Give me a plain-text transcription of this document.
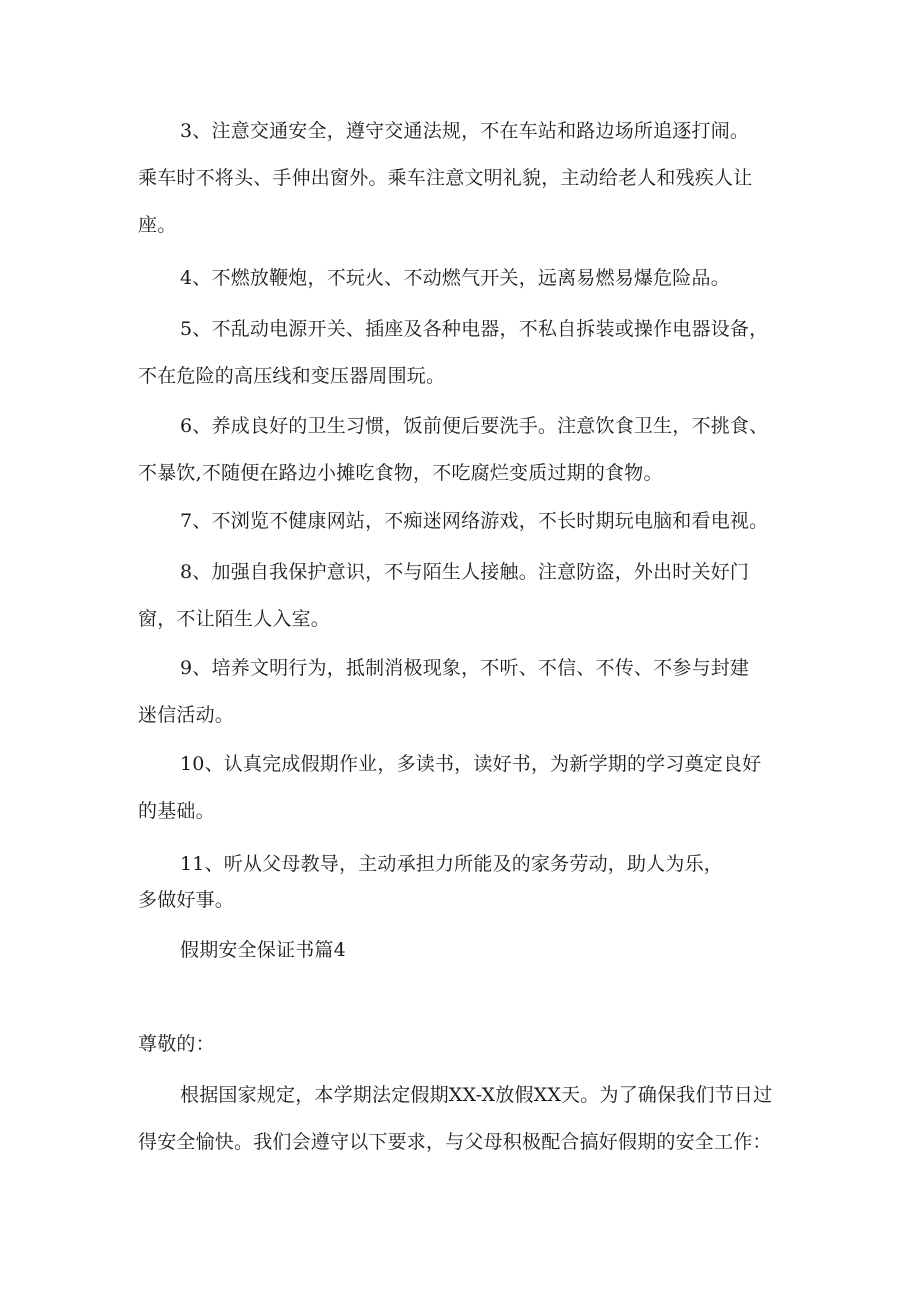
3、注意交通安全，遵守交通法规，不在车站和路边场所追逐打闹。
乘车时不将头、手伸出窗外。乘车注意文明礼貌，主动给老人和残疾人让
座。
4、不燃放鞭炮，不玩火、不动燃气开关，远离易燃易爆危险品。
5、不乱动电源开关、插座及各种电器，不私自拆装或操作电器设备，
不在危险的高压线和变压器周围玩。
6、养成良好的卫生习惯，饭前便后要洗手。注意饮食卫生，不挑食、
不暴饮,不随便在路边小摊吃食物，不吃腐烂变质过期的食物。
7、不浏览不健康网站，不痴迷网络游戏，不长时期玩电脑和看电视。
8、加强自我保护意识，不与陌生人接触。注意防盗，外出时关好门
窗，不让陌生人入室。
9、培养文明行为，抵制消极现象，不听、不信、不传、不参与封建
迷信活动。
10、认真完成假期作业，多读书，读好书，为新学期的学习奠定良好
的基础。
11、听从父母教导，主动承担力所能及的家务劳动，助人为乐，
多做好事。
假期安全保证书篇4
尊敬的：
根据国家规定，本学期法定假期XX-X放假XX天。为了确保我们节日过
得安全愉快。我们会遵守以下要求，与父母积极配合搞好假期的安全工作：
